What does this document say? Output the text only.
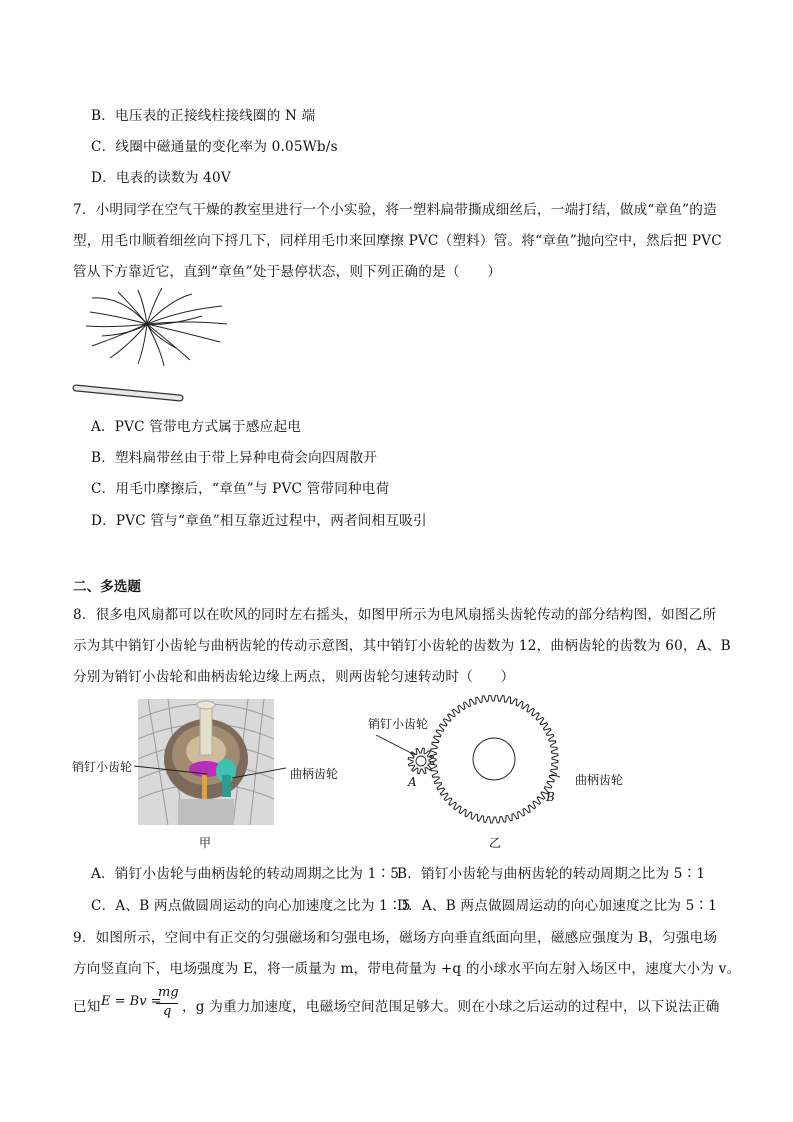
B．电压表的正接线柱接线圈的 N 端
C．线圈中磁通量的变化率为 0.05Wb/s
D．电表的读数为 40V
7．小明同学在空气干燥的教室里进行一个小实验，将一塑料扁带撕成细丝后，一端打结，做成“章鱼”的造
型，用毛巾顺着细丝向下捋几下，同样用毛巾来回摩擦 PVC（塑料）管。将“章鱼”抛向空中，然后把 PVC
管从下方靠近它，直到“章鱼”处于悬停状态，则下列正确的是（　　）
A．PVC 管带电方式属于感应起电
B．塑料扁带丝由于带上异种电荷会向四周散开
C．用毛巾摩擦后，“章鱼”与 PVC 管带同种电荷
D．PVC 管与“章鱼”相互靠近过程中，两者间相互吸引
二、多选题
8．很多电风扇都可以在吹风的同时左右摇头，如图甲所示为电风扇摇头齿轮传动的部分结构图，如图乙所
示为其中销钉小齿轮与曲柄齿轮的传动示意图，其中销钉小齿轮的齿数为 12，曲柄齿轮的齿数为 60，A、B
分别为销钉小齿轮和曲柄齿轮边缘上两点，则两齿轮匀速转动时（　　）
销钉小齿轮	曲柄齿轮
甲
销钉小齿轮
曲柄齿轮
A
B
乙
A．销钉小齿轮与曲柄齿轮的转动周期之比为 1∶5
B．销钉小齿轮与曲柄齿轮的转动周期之比为 5∶1
C．A、B 两点做圆周运动的向心加速度之比为 1∶5
D．A、B 两点做圆周运动的向心加速度之比为 5∶1
9．如图所示，空间中有正交的匀强磁场和匀强电场，磁场方向垂直纸面向里，磁感应强度为 B，匀强电场
方向竖直向下，电场强度为 E，将一质量为 m，带电荷量为 +q 的小球水平向左射入场区中，速度大小为 v。
已知 E = Bv =
mg
q ，g 为重力加速度，电磁场空间范围足够大。则在小球之后运动的过程中，以下说法正确
